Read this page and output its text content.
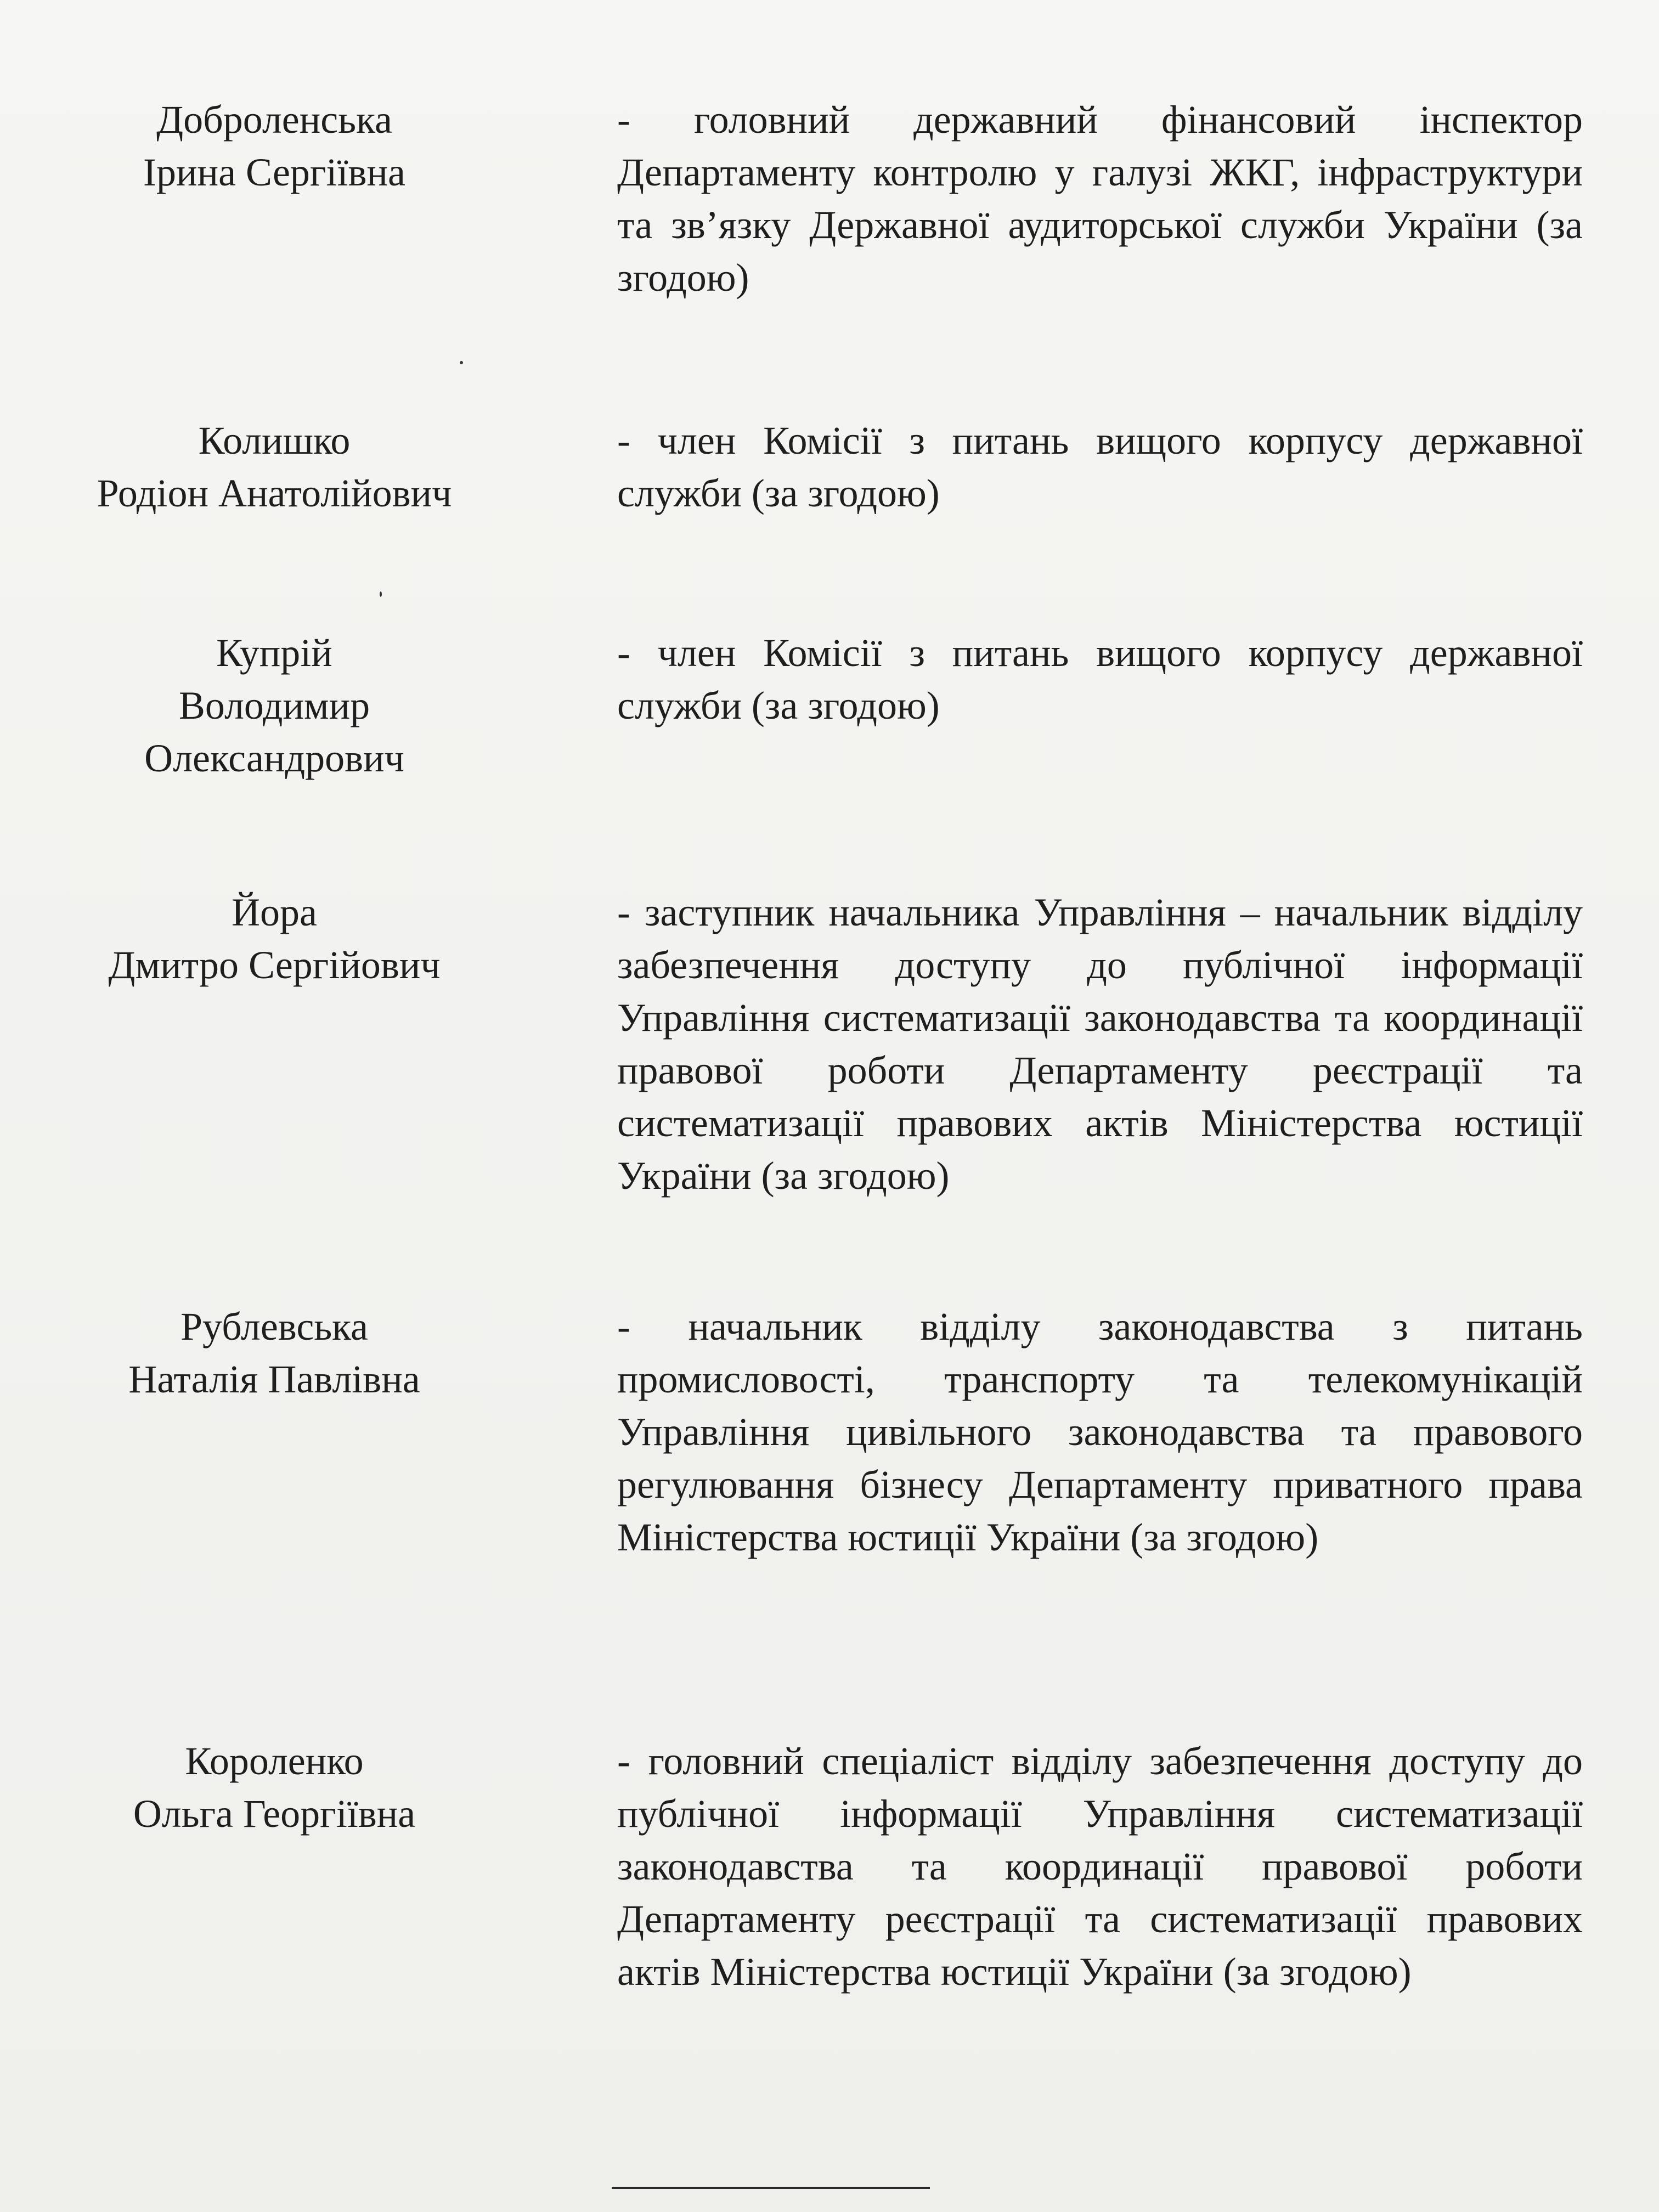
Доброленська
Ірина Сергіївна
- головний державний фінансовий інспектор Департаменту контролю у галузі ЖКГ, інфраструктури та зв’язку Державної аудиторської служби України (за згодою)
Колишко
Родіон Анатолійович
- член Комісії з питань вищого корпусу державної служби (за згодою)
Купрій
Володимир
Олександрович
- член Комісії з питань вищого корпусу державної служби (за згодою)
Йора
Дмитро Сергійович
- заступник начальника Управління – начальник відділу забезпечення доступу до публічної інформації Управління систематизації законодавства та координації правової роботи Департаменту реєстрації та систематизації правових актів Міністерства юстиції України (за згодою)
Рублевська
Наталія Павлівна
- начальник відділу законодавства з питань промисловості, транспорту та телекомунікацій Управління цивільного законодавства та правового регулювання бізнесу Департаменту приватного права Міністерства юстиції України (за згодою)
Короленко
Ольга Георгіївна
- головний спеціаліст відділу забезпечення доступу до публічної інформації Управління систематизації законодавства та координації правової роботи Департаменту реєстрації та систематизації правових актів Міністерства юстиції України (за згодою)
